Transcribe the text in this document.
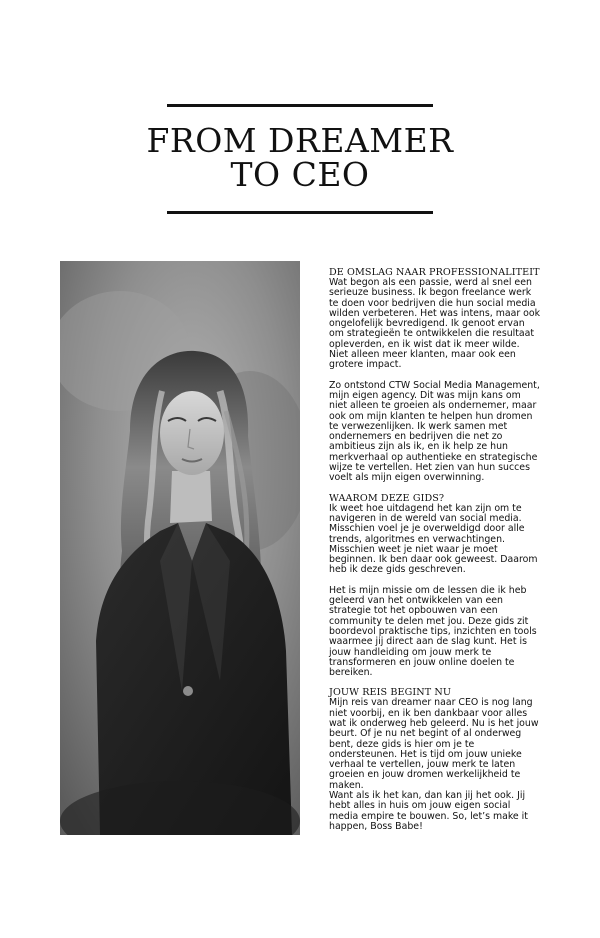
FROM DREAMER
TO CEO
DE OMSLAG NAAR PROFESSIONALITEIT

Wat begon als een passie, werd al snel een serieuze business. Ik begon freelance werk te doen voor bedrijven die hun social media wilden verbeteren. Het was intens, maar ook ongelofelijk bevredigend. Ik genoot ervan om strategieën te ontwikkelen die resultaat opleverden, en ik wist dat ik meer wilde. Niet alleen meer klanten, maar ook een grotere impact.

Zo ontstond CTW Social Media Management, mijn eigen agency. Dit was mijn kans om niet alleen te groeien als ondernemer, maar ook om mijn klanten te helpen hun dromen te verwezenlijken. Ik werk samen met ondernemers en bedrijven die net zo ambitieus zijn als ik, en ik help ze hun merkverhaal op authentieke en strategische wijze te vertellen. Het zien van hun succes voelt als mijn eigen overwinning.

WAAROM DEZE GIDS?

Ik weet hoe uitdagend het kan zijn om te navigeren in de wereld van social media. Misschien voel je je overweldigd door alle trends, algoritmes en verwachtingen. Misschien weet je niet waar je moet beginnen. Ik ben daar ook geweest. Daarom heb ik deze gids geschreven.

Het is mijn missie om de lessen die ik heb geleerd van het ontwikkelen van een strategie tot het opbouwen van een community te delen met jou. Deze gids zit boordevol praktische tips, inzichten en tools waarmee jij direct aan de slag kunt. Het is jouw handleiding om jouw merk te transformeren en jouw online doelen te bereiken.

JOUW REIS BEGINT NU

Mijn reis van dreamer naar CEO is nog lang niet voorbij, en ik ben dankbaar voor alles wat ik onderweg heb geleerd. Nu is het jouw beurt. Of je nu net begint of al onderweg bent, deze gids is hier om je te ondersteunen. Het is tijd om jouw unieke verhaal te vertellen, jouw merk te laten groeien en jouw dromen werkelijkheid te maken.

Want als ik het kan, dan kan jij het ook. Jij hebt alles in huis om jouw eigen social media empire te bouwen. So, let’s make it happen, Boss Babe!
